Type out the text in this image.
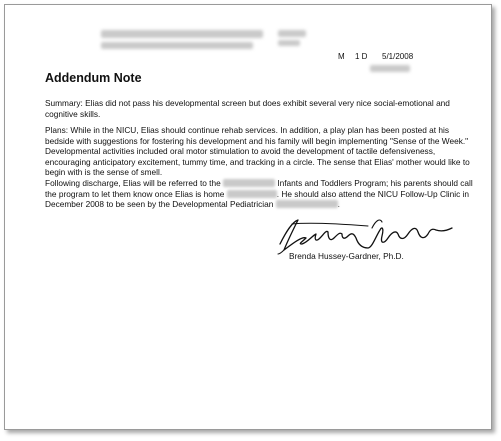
M 1 D 5/1/2008
Addendum Note

Summary: Elias did not pass his developmental screen but does exhibit several very nice social-emotional and cognitive skills.

Plans: While in the NICU, Elias should continue rehab services. In addition, a play plan has been posted at his bedside with suggestions for fostering his development and his family will begin implementing "Sense of the Week." Developmental activities included oral motor stimulation to avoid the development of tactile defensiveness, encouraging anticipatory excitement, tummy time, and tracking in a circle. The sense that Elias' mother would like to begin with is the sense of smell.

Following discharge, Elias will be referred to the	Infants and Toddlers Program; his parents should call the program to let them know once Elias is home	. He should also attend the NICU Follow-Up Clinic in December 2008 to be seen by the Developmental Pediatrician	.

Brenda Hussey-Gardner, Ph.D.
